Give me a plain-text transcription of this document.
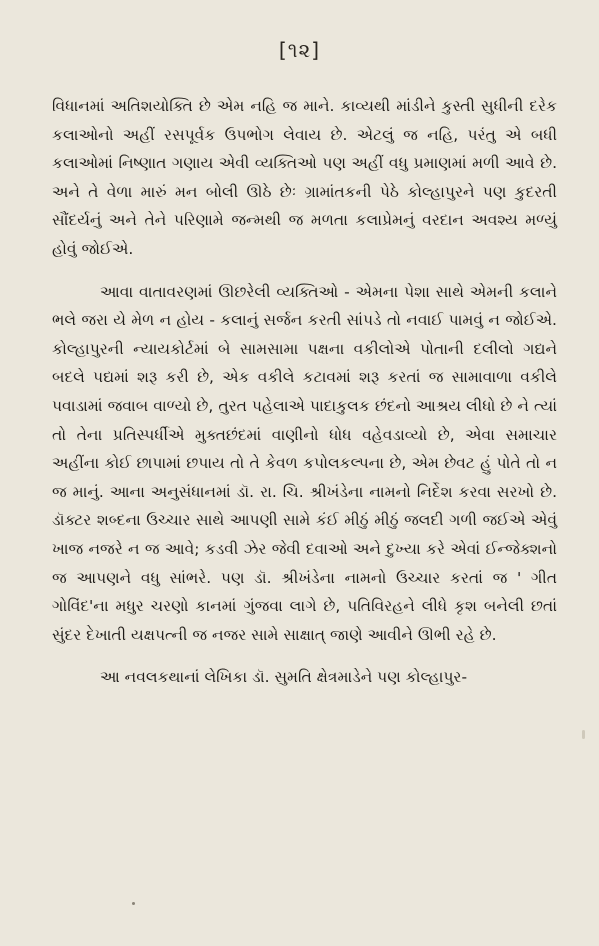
[૧૨]

વિધાનમાં અતિશયોક્તિ છે એમ નહિ જ માને. કાવ્યથી માંડીને કુસ્તી સુધીની દરેક કલાઓનો અહીં રસપૂર્વક ઉપભોગ લેવાય છે. એટલું જ નહિ, પરંતુ એ બધી કલાઓમાં નિષ્ણાત ગણાય એવી વ્યક્તિઓ પણ અહીં વધુ પ્રમાણમાં મળી આવે છે. અને તે વેળા મારું મન બોલી ઊઠે છેઃ ગ્રામાંતકની પેઠે કોલ્હાપુરને પણ કુદરતી સૌંદર્યનું અને તેને પરિણામે જન્મથી જ મળતા કલાપ્રેમનું વરદાન અવશ્ય મળ્યું હોવું જોઈએ.

આવા વાતાવરણમાં ઊછરેલી વ્યક્તિઓ - એમના પેશા સાથે એમની કલાને ભલે જરા યે મેળ ન હોય - કલાનું સર્જન કરતી સાંપડે તો નવાઈ પામવું ન જોઈએ. કોલ્હાપુરની ન્યાયકોર્ટમાં બે સામસામા પક્ષના વકીલોએ પોતાની દલીલો ગદ્યને બદલે પદ્યમાં શરૂ કરી છે, એક વકીલે કટાવમાં શરૂ કરતાં જ સામાવાળા વકીલે પવાડામાં જવાબ વાળ્યો છે, તુરત પહેલાએ પાદાકુલક છંદનો આશ્રય લીધો છે ને ત્યાં તો તેના પ્રતિસ્પર્ધીએ મુક્તછંદમાં વાણીનો ધોધ વહેવડાવ્યો છે, એવા સમાચાર અહીંના કોઈ છાપામાં છપાય તો તે કેવળ કપોલકલ્પના છે, એમ છેવટ હું પોતે તો ન જ માનું. આના અનુસંધાનમાં ડૉ. રા. ચિ. શ્રીખંડેના નામનો નિર્દેશ કરવા સરખો છે. ડૉક્ટર શબ્દના ઉચ્ચાર સાથે આપણી સામે કંઈ મીઠું મીઠું જલદી ગળી જઈએ એવું ખાજ નજરે ન જ આવે; કડવી ઝેર જેવી દવાઓ અને દુખ્યા કરે એવાં ઈન્જેક્શનો જ આપણને વધુ સાંભરે. પણ ડૉ. શ્રીખંડેના નામનો ઉચ્ચાર કરતાં જ ' ગીત ગોવિંદ'ના મધુર ચરણો કાનમાં ગુંજવા લાગે છે, પતિવિરહને લીધે કૃશ બનેલી છતાં સુંદર દેખાતી યક્ષપત્ની જ નજર સામે સાક્ષાત્ જાણે આવીને ઊભી રહે છે.

આ નવલકથાનાં લેખિકા ડૉ. સુમતિ ક્ષેત્રમાડેને પણ કોલ્હાપુર-
